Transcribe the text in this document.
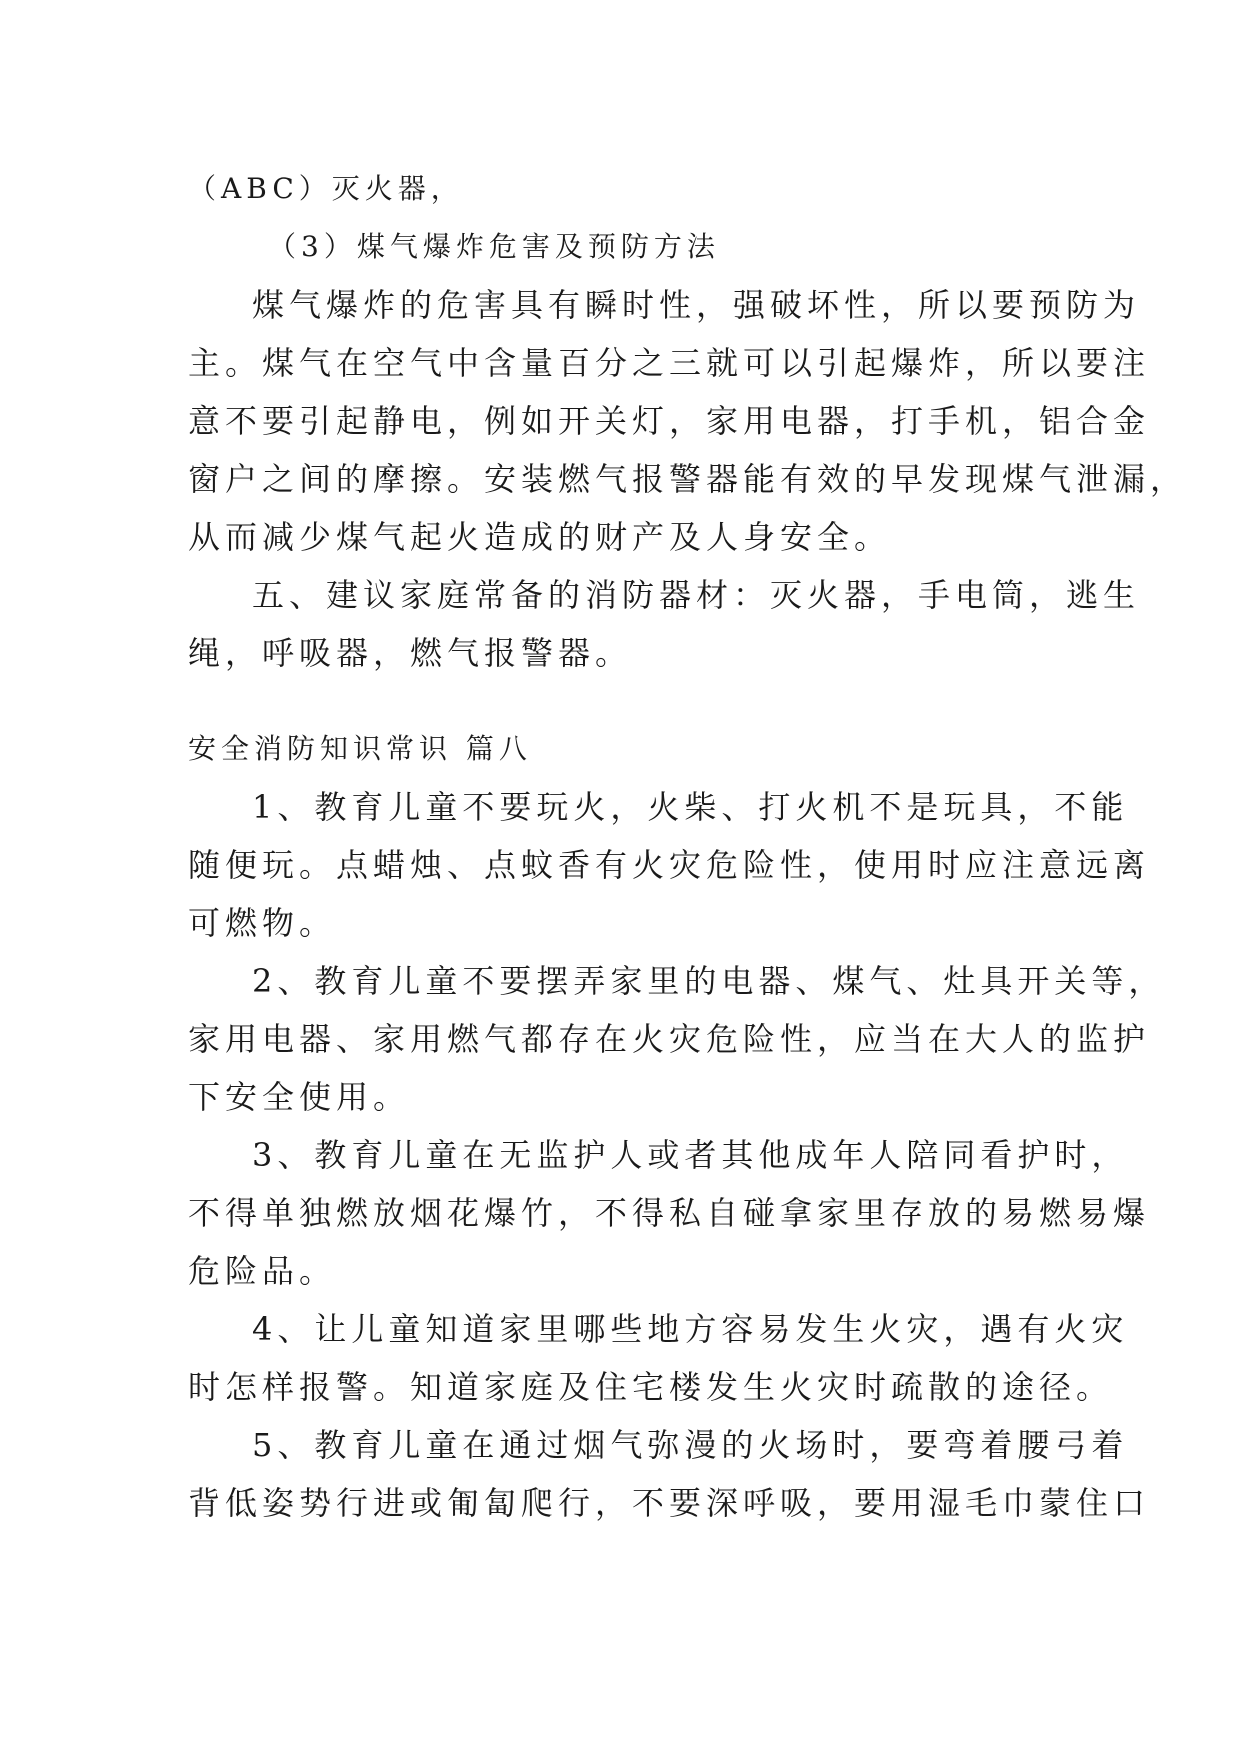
（ABC）灭火器，
（3）煤气爆炸危害及预防方法
煤气爆炸的危害具有瞬时性，强破坏性，所以要预防为
主。煤气在空气中含量百分之三就可以引起爆炸，所以要注
意不要引起静电，例如开关灯，家用电器，打手机，铝合金
窗户之间的摩擦。安装燃气报警器能有效的早发现煤气泄漏，
从而减少煤气起火造成的财产及人身安全。
五、建议家庭常备的消防器材：灭火器，手电筒，逃生
绳，呼吸器，燃气报警器。
安全消防知识常识 篇八
1、教育儿童不要玩火，火柴、打火机不是玩具，不能
随便玩。点蜡烛、点蚊香有火灾危险性，使用时应注意远离
可燃物。
2、教育儿童不要摆弄家里的电器、煤气、灶具开关等，
家用电器、家用燃气都存在火灾危险性，应当在大人的监护
下安全使用。
3、教育儿童在无监护人或者其他成年人陪同看护时，
不得单独燃放烟花爆竹，不得私自碰拿家里存放的易燃易爆
危险品。
4、让儿童知道家里哪些地方容易发生火灾，遇有火灾
时怎样报警。知道家庭及住宅楼发生火灾时疏散的途径。
5、教育儿童在通过烟气弥漫的火场时，要弯着腰弓着
背低姿势行进或匍匐爬行，不要深呼吸，要用湿毛巾蒙住口
